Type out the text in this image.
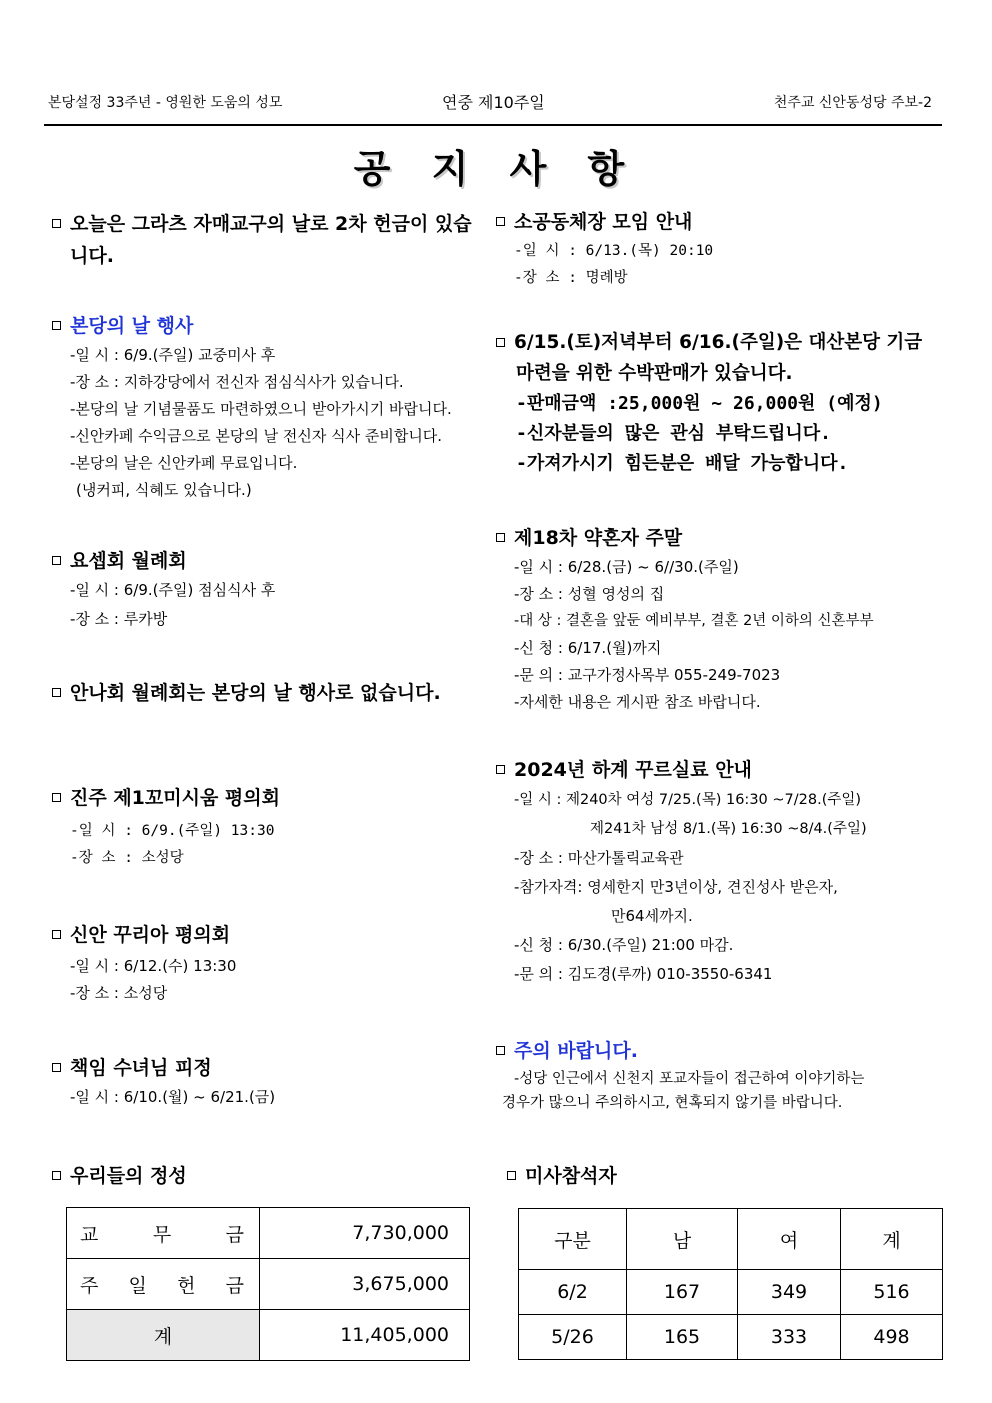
본당설정 33주년 - 영원한 도움의 성모	연중 제10주일	천주교 신안동성당 주보-2
공 지 사 항
오늘은 그라츠 자매교구의 날로 2차 헌금이 있습니다.
본당의 날 행사
-일 시 : 6/9.(주일) 교중미사 후
-장 소 : 지하강당에서 전신자 점심식사가 있습니다.
-본당의 날 기념물품도 마련하였으니 받아가시기 바랍니다.
-신안카페 수익금으로 본당의 날 전신자 식사 준비합니다.
-본당의 날은 신안카페 무료입니다.
(냉커피, 식혜도 있습니다.)
요셉회 월례회
-일 시 : 6/9.(주일) 점심식사 후
-장 소 : 루카방
안나회 월례회는 본당의 날 행사로 없습니다.
진주 제1꼬미시움 평의회
-일 시 : 6/9.(주일) 13:30
-장 소 : 소성당
신안 꾸리아 평의회
-일 시 : 6/12.(수) 13:30
-장 소 : 소성당
책임 수녀님 피정
-일 시 : 6/10.(월) ~ 6/21.(금)
소공동체장 모임 안내
-일 시 : 6/13.(목) 20:10
-장 소 : 명례방
6/15.(토)저녁부터 6/16.(주일)은 대산본당 기금
마련을 위한 수박판매가 있습니다.
-판매금액 :25,000원 ~ 26,000원 (예정)
-신자분들의 많은 관심 부탁드립니다.
-가져가시기 힘든분은 배달 가능합니다.
제18차 약혼자 주말
-일 시 : 6/28.(금) ~ 6//30.(주일)
-장 소 : 성혈 영성의 집
-대 상 : 결혼을 앞둔 예비부부, 결혼 2년 이하의 신혼부부
-신 청 : 6/17.(월)까지
-문 의 : 교구가정사목부 055-249-7023
-자세한 내용은 게시판 참조 바랍니다.
2024년 하계 꾸르실료 안내
-일 시 : 제240차 여성 7/25.(목) 16:30 ~7/28.(주일)
제241차 남성 8/1.(목) 16:30 ~8/4.(주일)
-장 소 : 마산가톨릭교육관
-참가자격: 영세한지 만3년이상, 견진성사 받은자,
만64세까지.
-신 청 : 6/30.(주일) 21:00 마감.
-문 의 : 김도경(루까) 010-3550-6341
주의 바랍니다.
-성당 인근에서 신천지 포교자들이 접근하여 이야기하는
경우가 많으니 주의하시고, 현혹되지 않기를 바랍니다.
우리들의 정성
교 무 금	7,730,000

주 일 헌 금	3,675,000
계	11,405,000
미사참석자
구분	남	여	계
6/2	167	349	516
5/26	165	333	498
